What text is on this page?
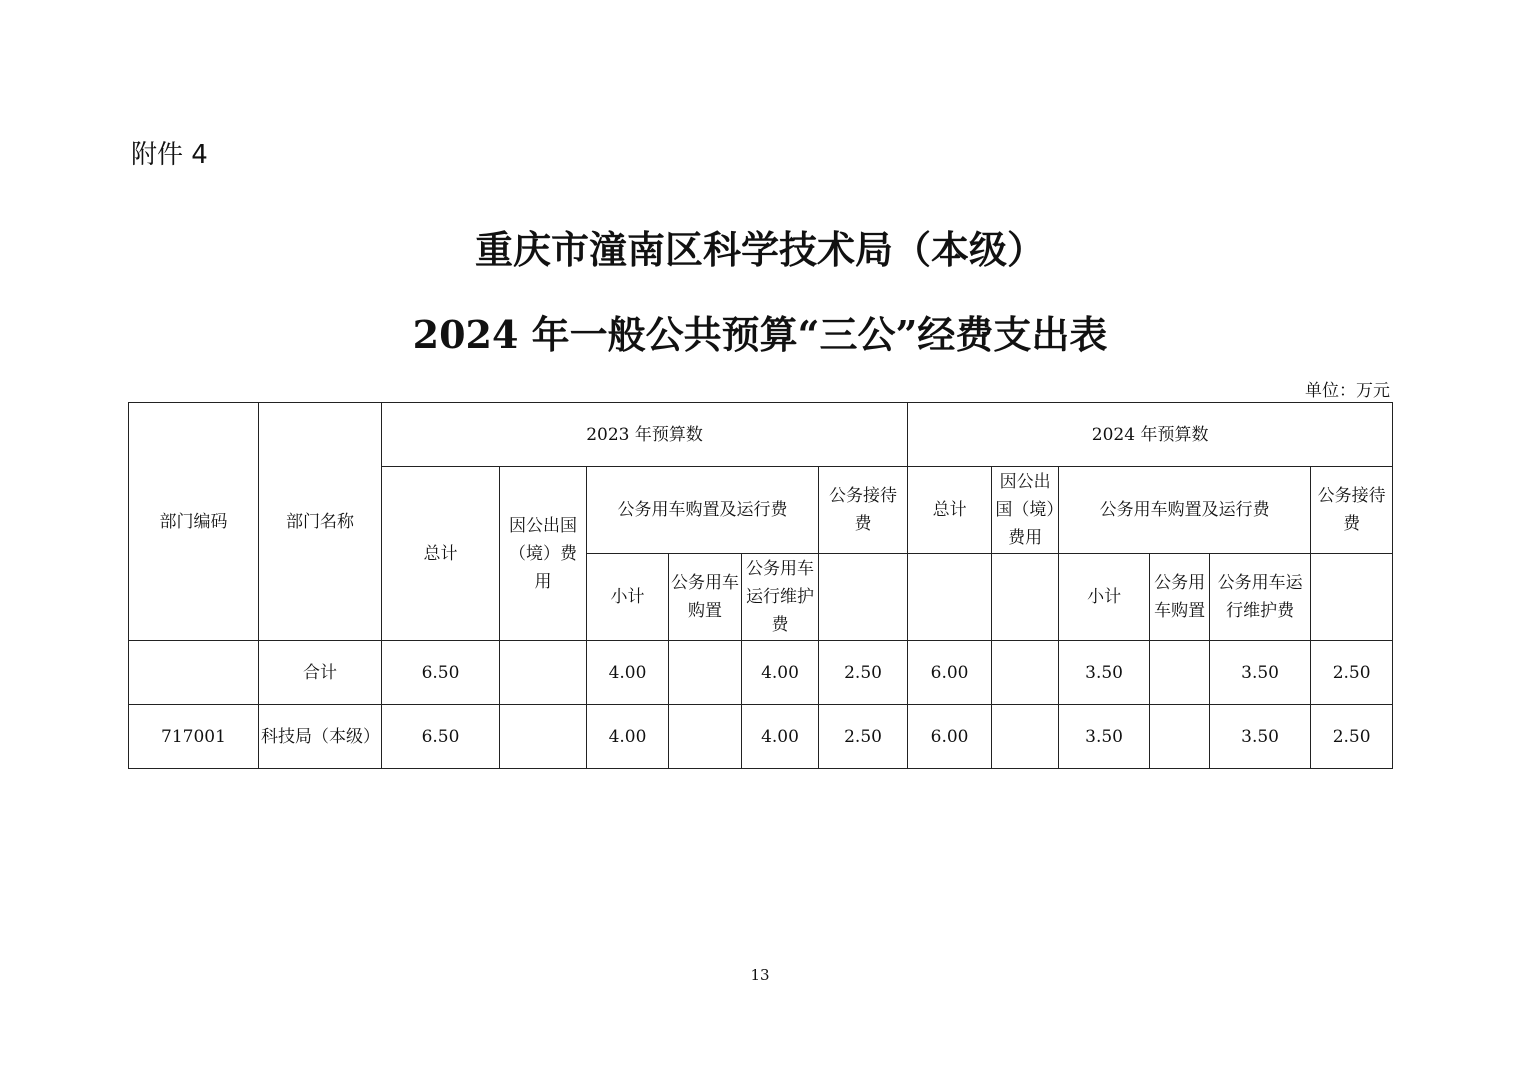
附件 4
重庆市潼南区科学技术局（本级）
2024 年一般公共预算“三公”经费支出表
单位：万元
部门编码	部门名称	2023 年预算数						2024 年预算数					
		总计	因公出国（境）费用	公务用车购置及运行费			公务接待费	总计	因公出国（境）费用	公务用车购置及运行费			公务接待费
				小计	公务用车购置	公务用车运行维护费				小计	公务用车购置	公务用车运行维护费	
	合计	6.50		4.00		4.00	2.50	6.00		3.50		3.50	2.50
717001	科技局（本级）	6.50		4.00		4.00	2.50	6.00		3.50		3.50	2.50
13
